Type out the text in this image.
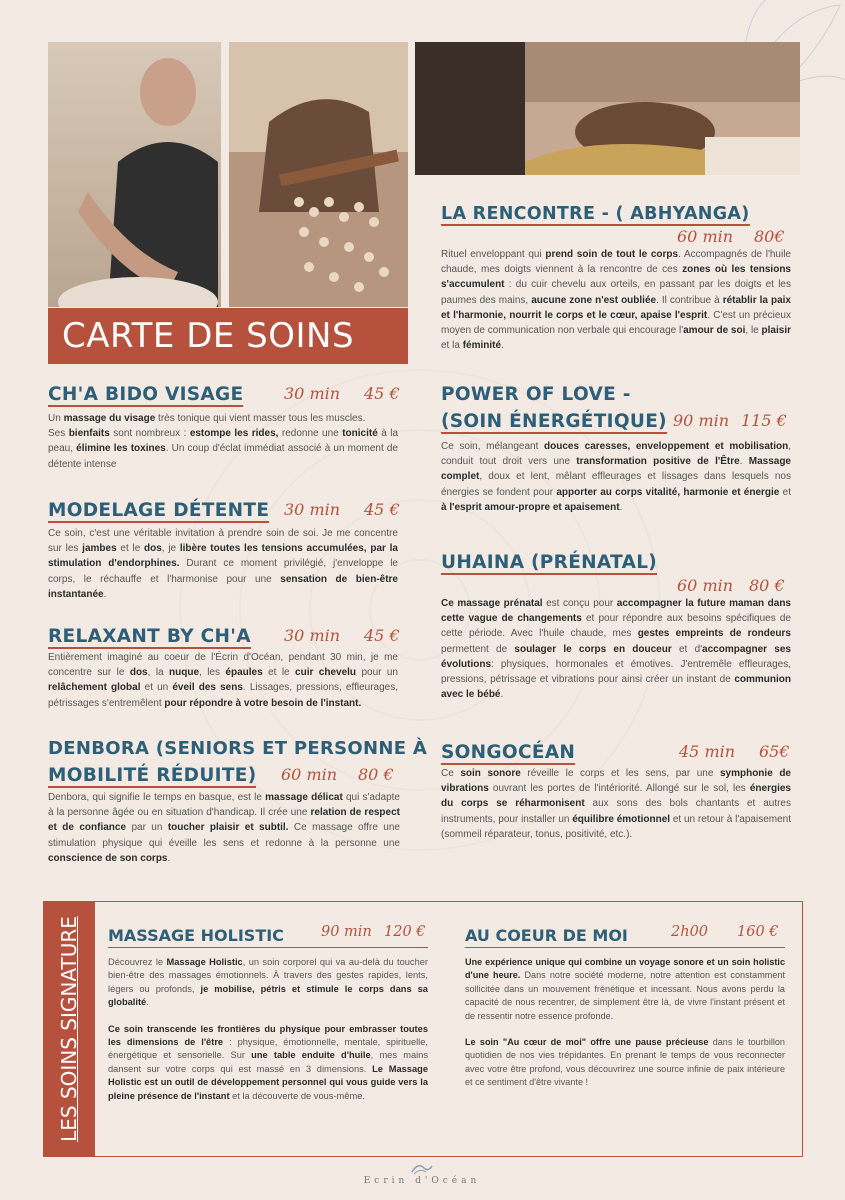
CARTE DE SOINS
CH'A BIDO VISAGE	30 min 45 €
Un massage du visage très tonique qui vient masser tous les muscles.
Ses bienfaits sont nombreux : estompe les rides, redonne une tonicité à la peau, élimine les toxines. Un coup d'éclat immédiat associé à un moment de détente intense
MODELAGE DÉTENTE 30 min 45 €
Ce soin, c'est une véritable invitation à prendre soin de soi. Je me concentre sur les jambes et le dos, je libère toutes les tensions accumulées, par la stimulation d'endorphines. Durant ce moment privilégié, j'enveloppe le corps, le réchauffe et l'harmonise pour une sensation de bien-être instantanée.
RELAXANT BY CH'A 30 min 45 €
Entièrement imaginé au coeur de l'Écrin d'Océan, pendant 30 min, je me concentre sur le dos, la nuque, les épaules et le cuir chevelu pour un relâchement global et un éveil des sens. Lissages, pressions, effleurages, pétrissages s'entremêlent pour répondre à votre besoin de l'instant.
DENBORA (SENIORS ET PERSONNE À
MOBILITÉ RÉDUITE) 60 min 80 €
Denbora, qui signifie le temps en basque, est le massage délicat qui s'adapte à la personne âgée ou en situation d'handicap. Il crée une relation de respect et de confiance par un toucher plaisir et subtil. Ce massage offre une stimulation physique qui éveille les sens et redonne à la personne une conscience de son corps.
LA RENCONTRE - ( ABHYANGA)
60 min 80€
Rituel enveloppant qui prend soin de tout le corps. Accompagnés de l'huile chaude, mes doigts viennent à la rencontre de ces zones où les tensions s'accumulent : du cuir chevelu aux orteils, en passant par les doigts et les paumes des mains, aucune zone n'est oubliée. Il contribue à rétablir la paix et l'harmonie, nourrit le corps et le cœur, apaise l'esprit. C'est un précieux moyen de communication non verbale qui encourage l'amour de soi, le plaisir et la féminité.
POWER OF LOVE -
(SOIN ÉNERGÉTIQUE) 90 min 115 €
Ce soin, mélangeant douces caresses, enveloppement et mobilisation, conduit tout droit vers une transformation positive de l'Être. Massage complet, doux et lent, mêlant effleurages et lissages dans lesquels nos énergies se fondent pour apporter au corps vitalité, harmonie et énergie et à l'esprit amour-propre et apaisement.
UHAINA (PRÉNATAL)
60 min 80 €
Ce massage prénatal est conçu pour accompagner la future maman dans cette vague de changements et pour répondre aux besoins spécifiques de cette période. Avec l'huile chaude, mes gestes empreints de rondeurs permettent de soulager le corps en douceur et d'accompagner ses évolutions: physiques, hormonales et émotives. J'entremêle effleurages, pressions, pétrissage et vibrations pour ainsi créer un instant de communion avec le bébé.
SONGOCÉAN	45 min 65€
Ce soin sonore réveille le corps et les sens, par une symphonie de vibrations ouvrant les portes de l'intériorité. Allongé sur le sol, les énergies du corps se réharmonisent aux sons des bols chantants et autres instruments, pour installer un équilibre émotionnel et un retour à l'apaisement (sommeil réparateur, tonus, positivité, etc.).
LES SOINS SIGNATURE MASSAGE HOLISTIC	90 min 120 €
Découvrez le Massage Holistic, un soin corporel qui va au-delà du toucher bien-être des massages émotionnels. À travers des gestes rapides, lents, légers ou profonds, je mobilise, pétris et stimule le corps dans sa globalité.
Ce soin transcende les frontières du physique pour embrasser toutes les dimensions de l'être : physique, émotionnelle, mentale, spirituelle, énergétique et sensorielle. Sur une table enduite d'huile, mes mains dansent sur votre corps qui est massé en 3 dimensions. Le Massage Holistic est un outil de développement personnel qui vous guide vers la pleine présence de l'instant et la découverte de vous-même.
AU COEUR DE MOI	2h00 160 €
Une expérience unique qui combine un voyage sonore et un soin holistic d'une heure. Dans notre société moderne, notre attention est constamment sollicitée dans un mouvement frénétique et incessant. Nous avons perdu la capacité de nous recentrer, de simplement être là, de vivre l'instant présent et de ressentir notre essence profonde.
Le soin "Au cœur de moi" offre une pause précieuse dans le tourbillon quotidien de nos vies trépidantes. En prenant le temps de vous reconnecter avec votre être profond, vous découvrirez une source infinie de paix intérieure et ce sentiment d'être vivante !
Ecrin d'Océan
